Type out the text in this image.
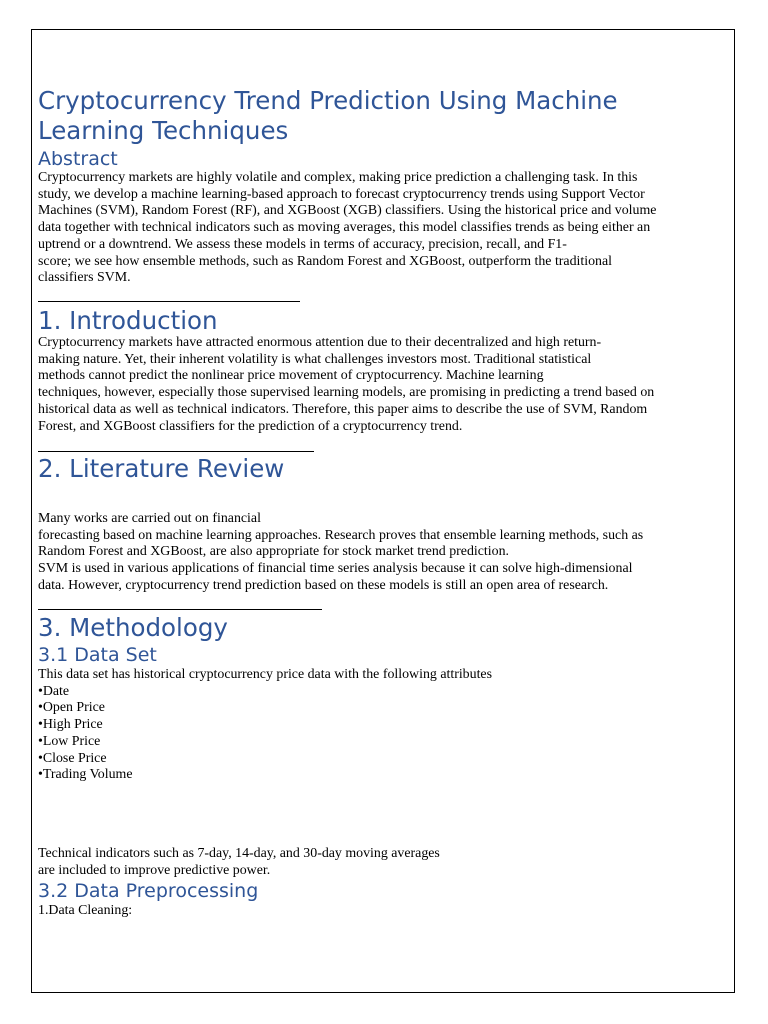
Cryptocurrency Trend Prediction Using Machine
Learning Techniques
Abstract
Cryptocurrency markets are highly volatile and complex, making price prediction a challenging task. In this
study, we develop a machine learning-based approach to forecast cryptocurrency trends using Support Vector
Machines (SVM), Random Forest (RF), and XGBoost (XGB) classifiers. Using the historical price and volume
data together with technical indicators such as moving averages, this model classifies trends as being either an
uptrend or a downtrend. We assess these models in terms of accuracy, precision, recall, and F1-
score; we see how ensemble methods, such as Random Forest and XGBoost, outperform the traditional
classifiers SVM.
1. Introduction
Cryptocurrency markets have attracted enormous attention due to their decentralized and high return-
making nature. Yet, their inherent volatility is what challenges investors most. Traditional statistical
methods cannot predict the nonlinear price movement of cryptocurrency. Machine learning
techniques, however, especially those supervised learning models, are promising in predicting a trend based on
historical data as well as technical indicators. Therefore, this paper aims to describe the use of SVM, Random
Forest, and XGBoost classifiers for the prediction of a cryptocurrency trend.
2. Literature Review
Many works are carried out on financial
forecasting based on machine learning approaches. Research proves that ensemble learning methods, such as
Random Forest and XGBoost, are also appropriate for stock market trend prediction.
SVM is used in various applications of financial time series analysis because it can solve high-dimensional
data. However, cryptocurrency trend prediction based on these models is still an open area of research.
3. Methodology
3.1 Data Set
This data set has historical cryptocurrency price data with the following attributes
•Date
•Open Price
•High Price
•Low Price
•Close Price
•Trading Volume
Technical indicators such as 7-day, 14-day, and 30-day moving averages
are included to improve predictive power.
3.2 Data Preprocessing
1.Data Cleaning:
